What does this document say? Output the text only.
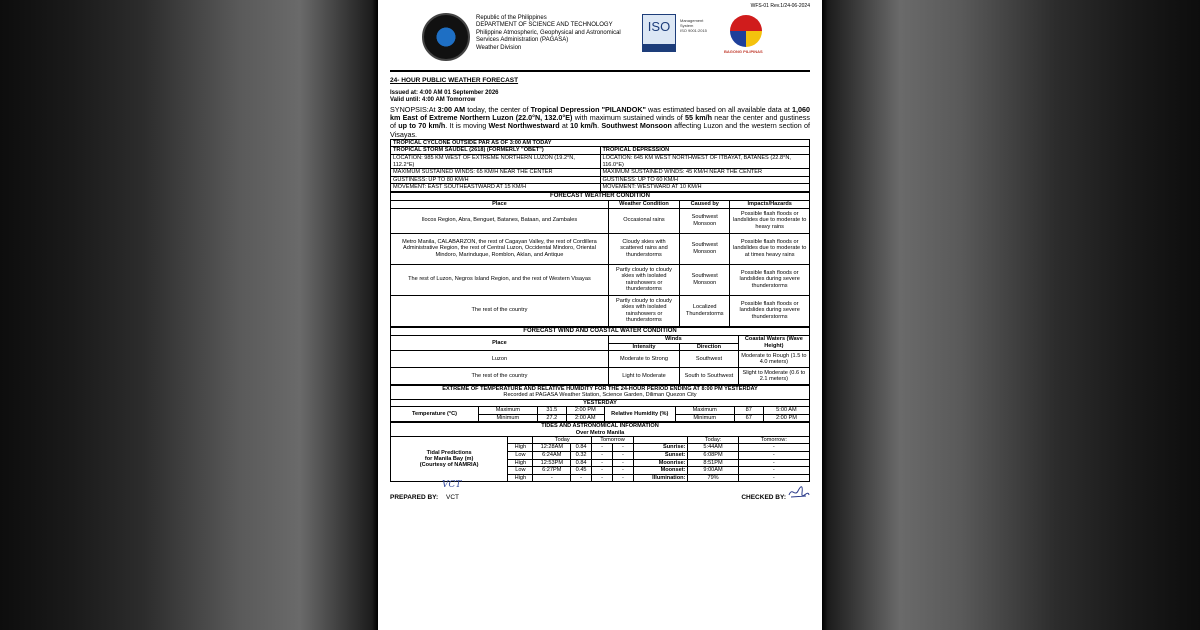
WFS-01 Rev.1/24-06-2024
Republic of the Philippines
DEPARTMENT OF SCIENCE AND TECHNOLOGY
Philippine Atmospheric, Geophysical and Astronomical
Services Administration (PAGASA)
Weather Division
ISO	Management
System
ISO 9001:2015
BAGONG PILIPINAS
24- HOUR PUBLIC WEATHER FORECAST
Issued at: 4:00 AM 01 September 2026
Valid until: 4:00 AM Tomorrow
SYNOPSIS:At 3:00 AM today, the center of Tropical Depression "PILANDOK" was estimated based on all available data at 1,060 km East of Extreme Northern Luzon (22.0°N, 132.0°E) with maximum sustained winds of 55 km/h near the center and gustiness of up to 70 km/h. It is moving West Northwestward at 10 km/h. Southwest Monsoon affecting Luzon and the western section of Visayas.
TROPICAL CYCLONE OUTSIDE PAR AS OF 3:00 AM TODAY	
TROPICAL STORM SAUDEL (2618) (FORMERLY "OBET")	TROPICAL DEPRESSION
LOCATION: 985 KM WEST OF EXTREME NORTHERN LUZON (19.2°N, 112.2°E)	LOCATION: 645 KM WEST NORTHWEST OF ITBAYAT, BATANES (22.8°N, 116.0°E)
MAXIMUM SUSTAINED WINDS: 65 KM/H NEAR THE CENTER	MAXIMUM SUSTAINED WINDS: 45 KM/H NEAR THE CENTER
GUSTINESS: UP TO 80 KM/H	GUSTINESS: UP TO 60 KM/H
MOVEMENT: EAST SOUTHEASTWARD AT 15 KM/H	MOVEMENT: WESTWARD AT 10 KM/H
FORECAST WEATHER CONDITION			
Place	Weather Condition	Caused by	Impacts/Hazards
Ilocos Region, Abra, Benguet, Batanes, Bataan, and Zambales	Occasional rains	Southwest Monsoon	Possible flash floods or landslides due to moderate to heavy rains
Metro Manila, CALABARZON, the rest of Cagayan Valley, the rest of Cordillera Administrative Region, the rest of Central Luzon, Occidental Mindoro, Oriental Mindoro, Marinduque, Romblon, Aklan, and Antique	Cloudy skies with scattered rains and thunderstorms	Southwest Monsoon	Possible flash floods or landslides due to moderate to at times heavy rains
The rest of Luzon, Negros Island Region, and the rest of Western Visayas	Partly cloudy to cloudy skies with isolated rainshowers or thunderstorms	Southwest Monsoon	Possible flash floods or landslides during severe thunderstorms
The rest of the country	Partly cloudy to cloudy skies with isolated rainshowers or thunderstorms	Localized Thunderstorms	Possible flash floods or landslides during severe thunderstorms
FORECAST WIND AND COASTAL WATER CONDITION			
Place	Winds		Coastal Waters (Wave Height)
	Intensity	Direction	
Luzon	Moderate to Strong	Southwest	Moderate to Rough (1.5 to 4.0 meters)
The rest of the country	Light to Moderate	South to Southwest	Slight to Moderate (0.6 to 2.1 meters)
EXTREME OF TEMPERATURE AND RELATIVE HUMIDITY FOR THE 24-HOUR PERIOD ENDING AT 8:00 PM YESTERDAY
Recorded at PAGASA Weather Station, Science Garden, Diliman Quezon City							

YESTERDAY							
Temperature (°C)	Maximum	31.5	2:00 PM	Relative Humidity (%)	Maximum	87	5:00 AM
	Minimum	27.2	2:00 AM		Minimum	67	2:00 PM
TIDES AND ASTRONOMICAL INFORMATION
Over Metro Manila								

Tidal Predictions
for Manila Bay (m)
(Courtesy of NAMRIA)		Today		Tomorrow			Today:	Tomorrow:
	High	12:28AM	0.84	-	-	Sunrise:	5:44AM	-
	Low	6:24AM	0.32	-	-	Sunset:	6:08PM	-
	High	12:53PM	0.84	-	-	Moonrise:	8:51PM	-
	Low	6:27PM	0.45	-	-	Moonset:	9:00AM	-
	High	-	-	-	-	Illumination:	79%	-
PREPARED BY:
VCT
VCT	CHECKED BY:
